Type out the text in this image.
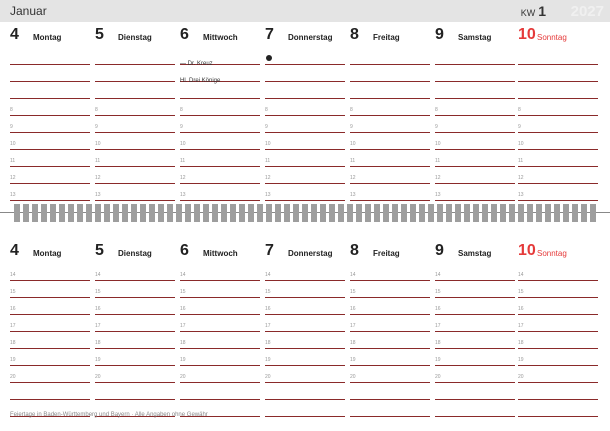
Januar	KW 1 2027
4 Montag
8
9
10
11
12
13
5 Dienstag
8
9
10
11
12
13
6 Mittwoch
8
9
10
11
12
13
— Dr. Kreuz
Hl. Drei Könige
7 Donnerstag
8
9
10
11
12
13
8 Freitag
8
9
10
11
12
13
9 Samstag
8
9
10
11
12
13
10 Sonntag
8
9
10
11
12
13
4 Montag
14
15
16
17
18
19
20
5 Dienstag
14
15
16
17
18
19
20
6 Mittwoch
14
15
16
17
18
19
20
7 Donnerstag
14
15
16
17
18
19
20
8 Freitag
14
15
16
17
18
19
20
9 Samstag
14
15
16
17
18
19
20
10 Sonntag
14
15
16
17
18
19
20
Feiertage in Baden-Württemberg und Bayern · Alle Angaben ohne Gewähr
